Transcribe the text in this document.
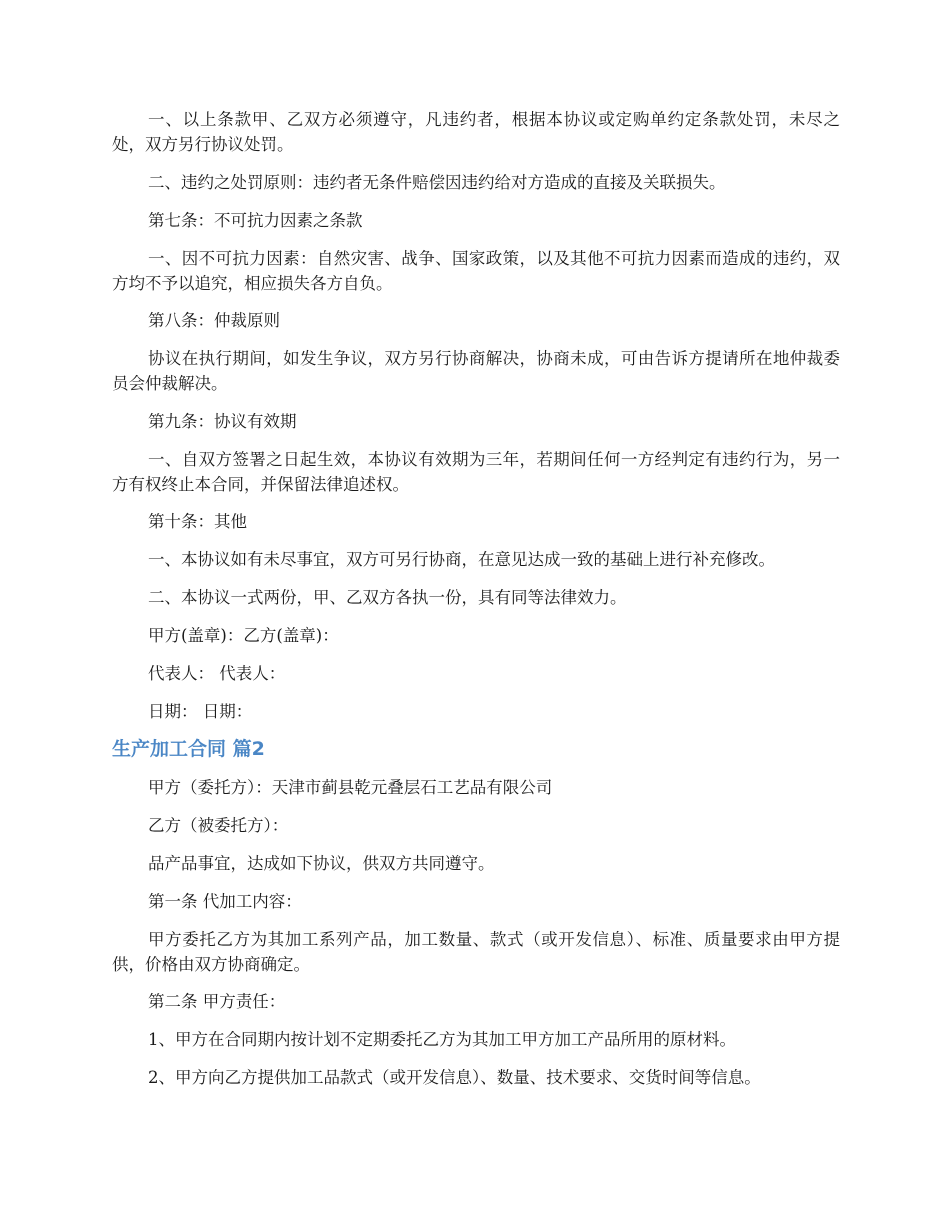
一、以上条款甲、乙双方必须遵守，凡违约者，根据本协议或定购单约定条款处罚，未尽之处，双方另行协议处罚。

二、违约之处罚原则：违约者无条件赔偿因违约给对方造成的直接及关联损失。

第七条：不可抗力因素之条款

一、因不可抗力因素：自然灾害、战争、国家政策，以及其他不可抗力因素而造成的违约，双方均不予以追究，相应损失各方自负。

第八条：仲裁原则

协议在执行期间，如发生争议，双方另行协商解决，协商未成，可由告诉方提请所在地仲裁委员会仲裁解决。

第九条：协议有效期

一、自双方签署之日起生效，本协议有效期为三年，若期间任何一方经判定有违约行为，另一方有权终止本合同，并保留法律追述权。

第十条：其他

一、本协议如有未尽事宜，双方可另行协商，在意见达成一致的基础上进行补充修改。

二、本协议一式两份，甲、乙双方各执一份，具有同等法律效力。

甲方(盖章)：乙方(盖章)：

代表人： 代表人：

日期： 日期：

生产加工合同 篇2

甲方（委托方）：天津市蓟县乾元叠层石工艺品有限公司

乙方（被委托方）：

品产品事宜，达成如下协议，供双方共同遵守。

第一条 代加工内容：

甲方委托乙方为其加工系列产品，加工数量、款式（或开发信息）、标准、质量要求由甲方提供，价格由双方协商确定。

第二条 甲方责任：

1、甲方在合同期内按计划不定期委托乙方为其加工甲方加工产品所用的原材料。

2、甲方向乙方提供加工品款式（或开发信息）、数量、技术要求、交货时间等信息。
